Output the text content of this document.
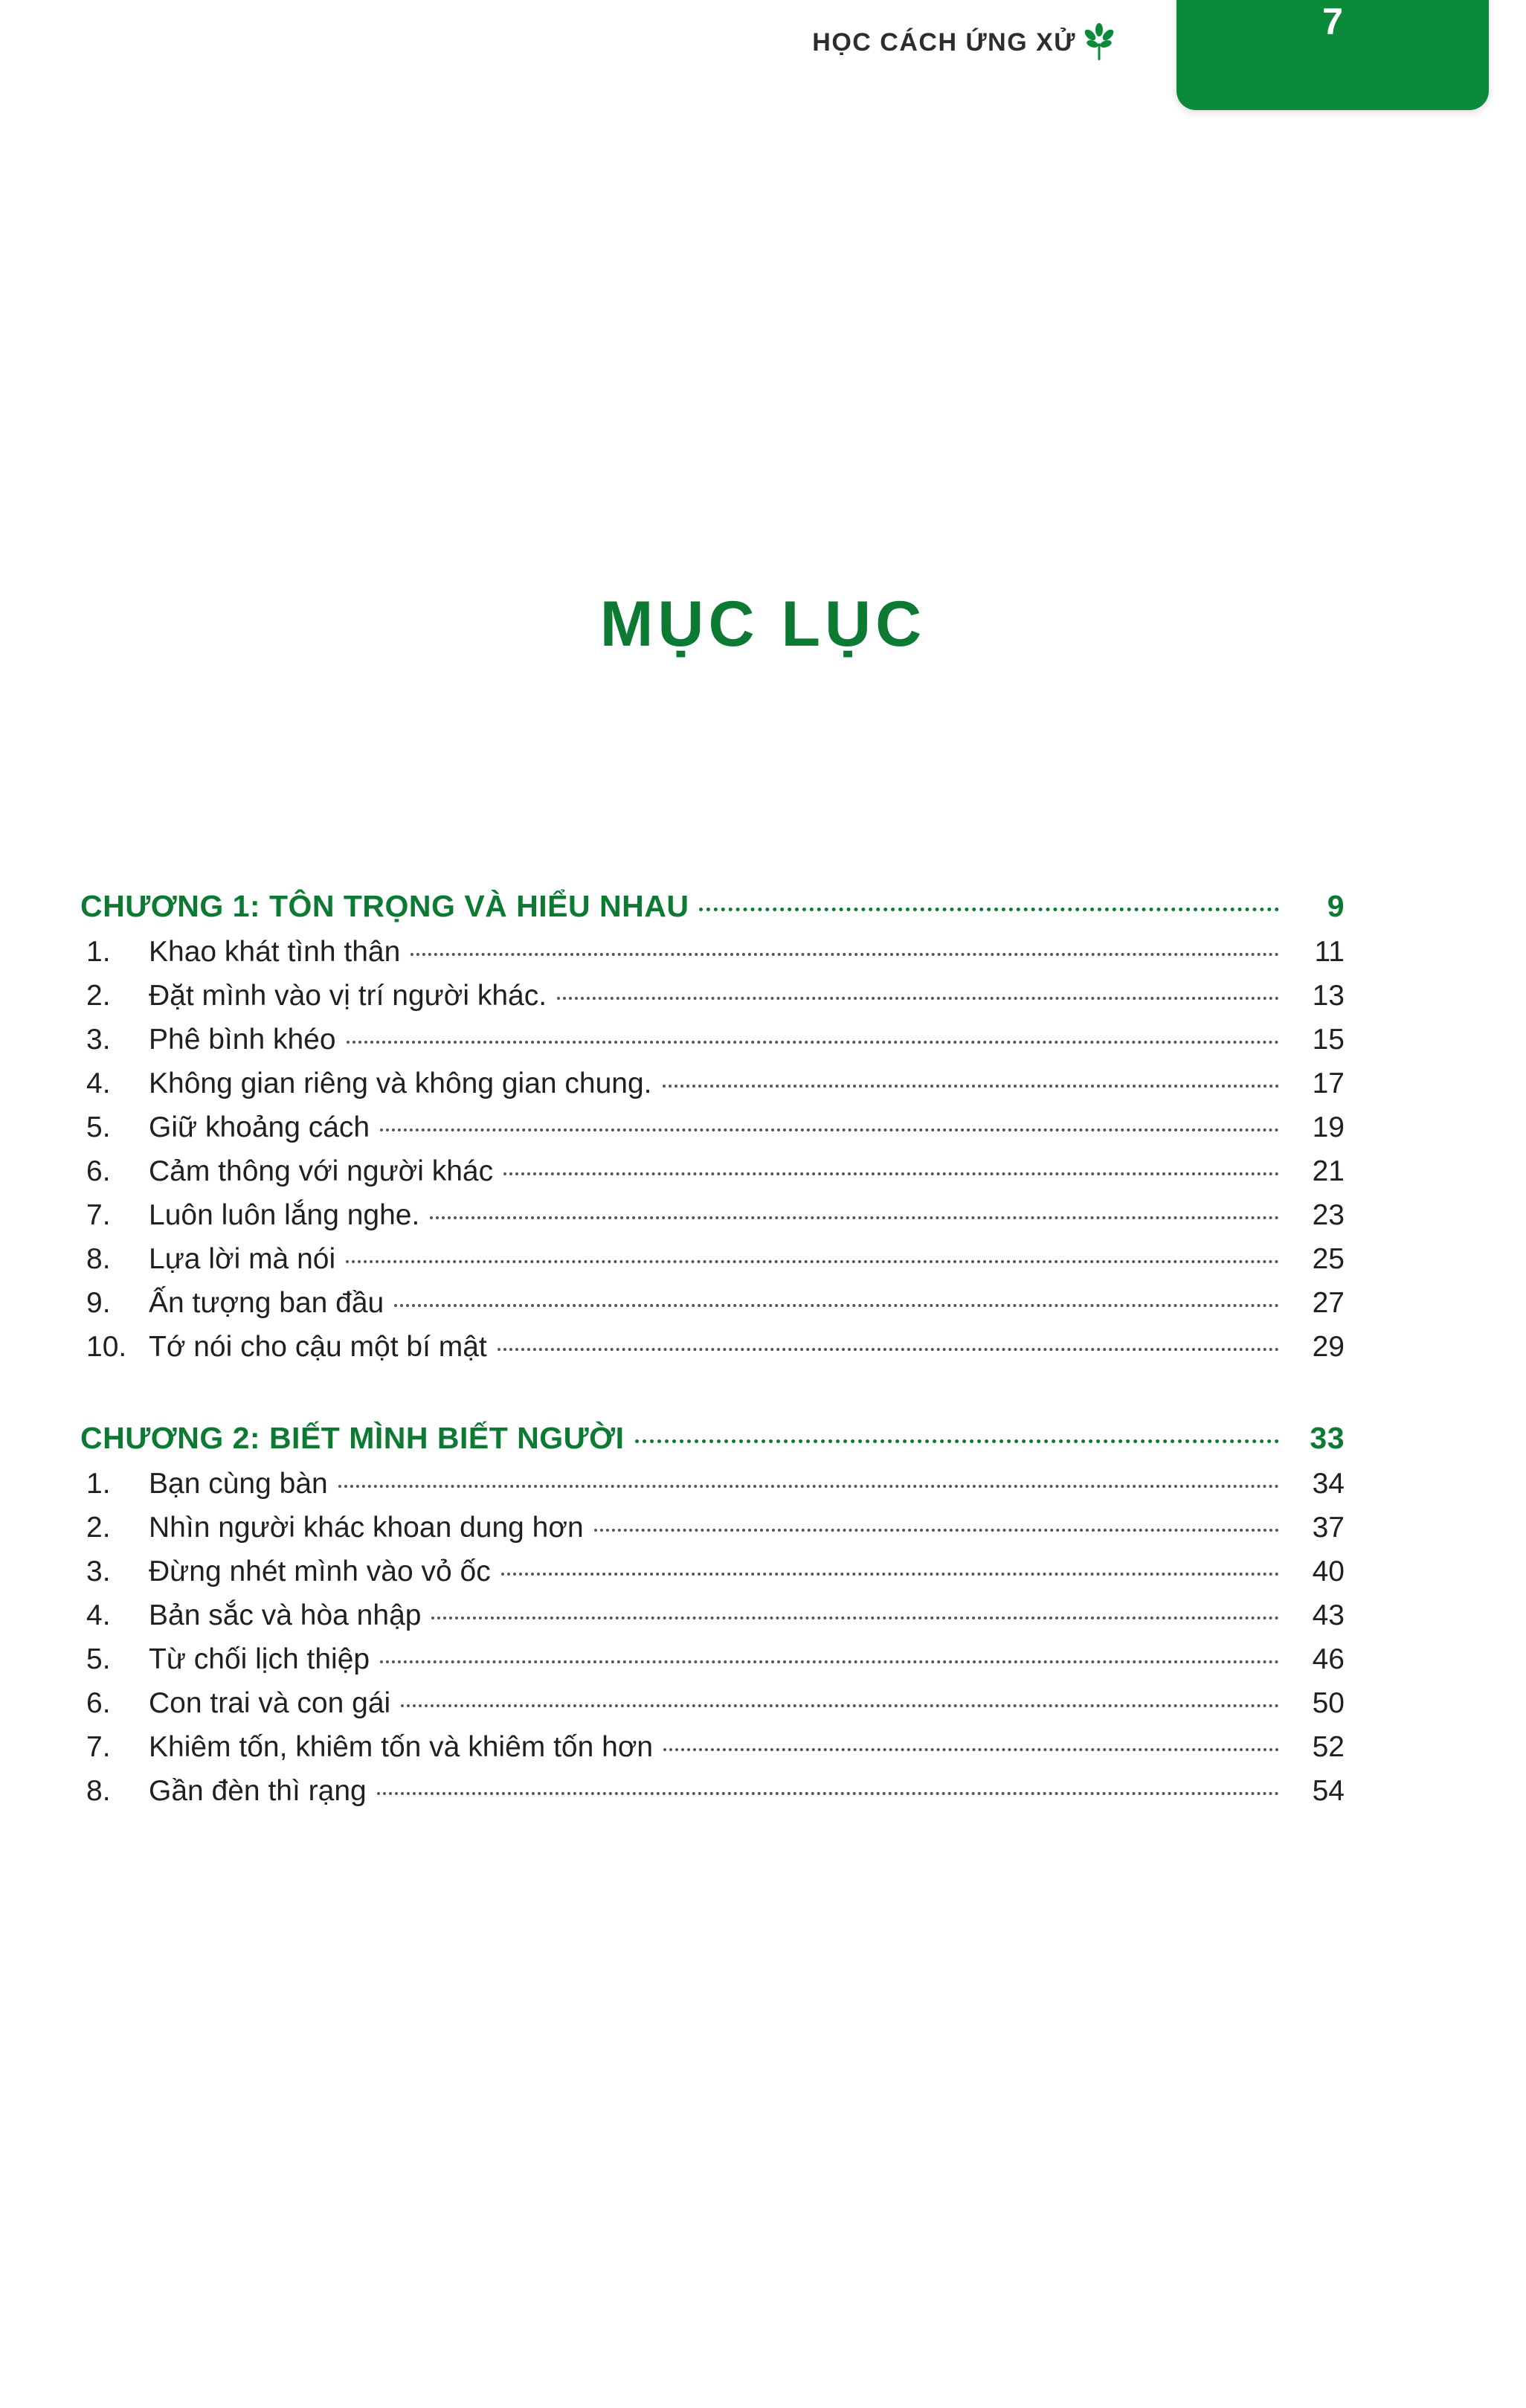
HỌC CÁCH ỨNG XỬ	7
MỤC LỤC
CHƯƠNG 1: TÔN TRỌNG VÀ HIỂU NHAU	9
1.	Khao khát tình thân	11
2.	Đặt mình vào vị trí người khác.	13
3.	Phê bình khéo	15
4.	Không gian riêng và không gian chung.	17
5.	Giữ khoảng cách	19
6.	Cảm thông với người khác	21
7.	Luôn luôn lắng nghe.	23
8.	Lựa lời mà nói	25
9.	Ấn tượng ban đầu	27
10. Tớ nói cho cậu một bí mật	29
CHƯƠNG 2: BIẾT MÌNH BIẾT NGƯỜI	33
1.	Bạn cùng bàn	34
2.	Nhìn người khác khoan dung hơn	37
3.	Đừng nhét mình vào vỏ ốc	40
4.	Bản sắc và hòa nhập	43
5.	Từ chối lịch thiệp	46
6.	Con trai và con gái	50
7.	Khiêm tốn, khiêm tốn và khiêm tốn hơn	52
8.	Gần đèn thì rạng	54
